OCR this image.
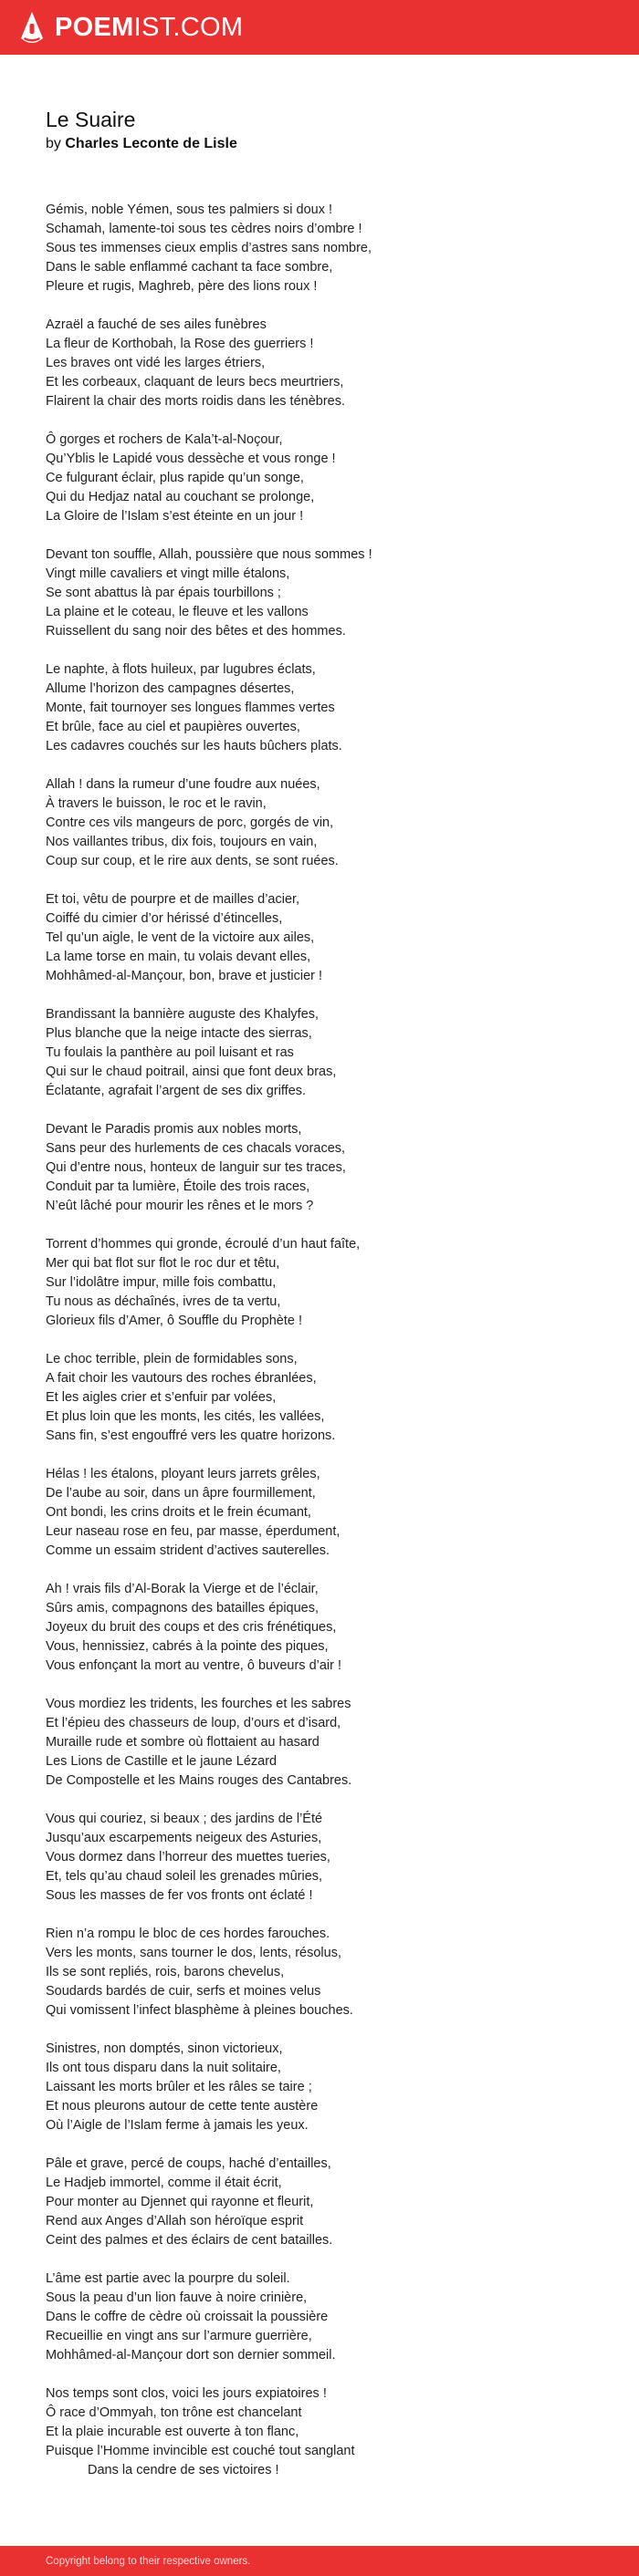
POEMIST.COM
Le Suaire
by Charles Leconte de Lisle
Gémis, noble Yémen, sous tes palmiers si doux !
Schamah, lamente-toi sous tes cèdres noirs d’ombre !
Sous tes immenses cieux emplis d’astres sans nombre,
Dans le sable enflammé cachant ta face sombre,
Pleure et rugis, Maghreb, père des lions roux !
Azraël a fauché de ses ailes funèbres
La fleur de Korthobah, la Rose des guerriers !
Les braves ont vidé les larges étriers,
Et les corbeaux, claquant de leurs becs meurtriers,
Flairent la chair des morts roidis dans les ténèbres.
Ô gorges et rochers de Kala’t-al-Noçour,
Qu’Yblis le Lapidé vous dessèche et vous ronge !
Ce fulgurant éclair, plus rapide qu’un songe,
Qui du Hedjaz natal au couchant se prolonge,
La Gloire de l’Islam s’est éteinte en un jour !
Devant ton souffle, Allah, poussière que nous sommes !
Vingt mille cavaliers et vingt mille étalons,
Se sont abattus là par épais tourbillons ;
La plaine et le coteau, le fleuve et les vallons
Ruissellent du sang noir des bêtes et des hommes.
Le naphte, à flots huileux, par lugubres éclats,
Allume l’horizon des campagnes désertes,
Monte, fait tournoyer ses longues flammes vertes
Et brûle, face au ciel et paupières ouvertes,
Les cadavres couchés sur les hauts bûchers plats.
Allah ! dans la rumeur d’une foudre aux nuées,
À travers le buisson, le roc et le ravin,
Contre ces vils mangeurs de porc, gorgés de vin,
Nos vaillantes tribus, dix fois, toujours en vain,
Coup sur coup, et le rire aux dents, se sont ruées.
Et toi, vêtu de pourpre et de mailles d’acier,
Coiffé du cimier d’or hérissé d’étincelles,
Tel qu’un aigle, le vent de la victoire aux ailes,
La lame torse en main, tu volais devant elles,
Mohhâmed-al-Mançour, bon, brave et justicier !
Brandissant la bannière auguste des Khalyfes,
Plus blanche que la neige intacte des sierras,
Tu foulais la panthère au poil luisant et ras
Qui sur le chaud poitrail, ainsi que font deux bras,
Éclatante, agrafait l’argent de ses dix griffes.
Devant le Paradis promis aux nobles morts,
Sans peur des hurlements de ces chacals voraces,
Qui d’entre nous, honteux de languir sur tes traces,
Conduit par ta lumière, Étoile des trois races,
N’eût lâché pour mourir les rênes et le mors ?
Torrent d’hommes qui gronde, écroulé d’un haut faîte,
Mer qui bat flot sur flot le roc dur et têtu,
Sur l’idolâtre impur, mille fois combattu,
Tu nous as déchaînés, ivres de ta vertu,
Glorieux fils d’Amer, ô Souffle du Prophète !
Le choc terrible, plein de formidables sons,
A fait choir les vautours des roches ébranlées,
Et les aigles crier et s’enfuir par volées,
Et plus loin que les monts, les cités, les vallées,
Sans fin, s’est engouffré vers les quatre horizons.
Hélas ! les étalons, ployant leurs jarrets grêles,
De l’aube au soir, dans un âpre fourmillement,
Ont bondi, les crins droits et le frein écumant,
Leur naseau rose en feu, par masse, éperdument,
Comme un essaim strident d’actives sauterelles.
Ah ! vrais fils d’Al-Borak la Vierge et de l’éclair,
Sûrs amis, compagnons des batailles épiques,
Joyeux du bruit des coups et des cris frénétiques,
Vous, hennissiez, cabrés à la pointe des piques,
Vous enfonçant la mort au ventre, ô buveurs d’air !
Vous mordiez les tridents, les fourches et les sabres
Et l’épieu des chasseurs de loup, d’ours et d’isard,
Muraille rude et sombre où flottaient au hasard
Les Lions de Castille et le jaune Lézard
De Compostelle et les Mains rouges des Cantabres.
Vous qui couriez, si beaux ; des jardins de l’Été
Jusqu’aux escarpements neigeux des Asturies,
Vous dormez dans l’horreur des muettes tueries,
Et, tels qu’au chaud soleil les grenades mûries,
Sous les masses de fer vos fronts ont éclaté !
Rien n’a rompu le bloc de ces hordes farouches.
Vers les monts, sans tourner le dos, lents, résolus,
Ils se sont repliés, rois, barons chevelus,
Soudards bardés de cuir, serfs et moines velus
Qui vomissent l’infect blasphème à pleines bouches.
Sinistres, non domptés, sinon victorieux,
Ils ont tous disparu dans la nuit solitaire,
Laissant les morts brûler et les râles se taire ;
Et nous pleurons autour de cette tente austère
Où l’Aigle de l’Islam ferme à jamais les yeux.
Pâle et grave, percé de coups, haché d’entailles,
Le Hadjeb immortel, comme il était écrit,
Pour monter au Djennet qui rayonne et fleurit,
Rend aux Anges d’Allah son héroïque esprit
Ceint des palmes et des éclairs de cent batailles.
L’âme est partie avec la pourpre du soleil.
Sous la peau d’un lion fauve à noire crinière,
Dans le coffre de cèdre où croissait la poussière
Recueillie en vingt ans sur l’armure guerrière,
Mohhâmed-al-Mançour dort son dernier sommeil.
Nos temps sont clos, voici les jours expiatoires !
Ô race d’Ommyah, ton trône est chancelant
Et la plaie incurable est ouverte à ton flanc,
Puisque l’Homme invincible est couché tout sanglant
Dans la cendre de ses victoires !
Copyright belong to their respective owners.
